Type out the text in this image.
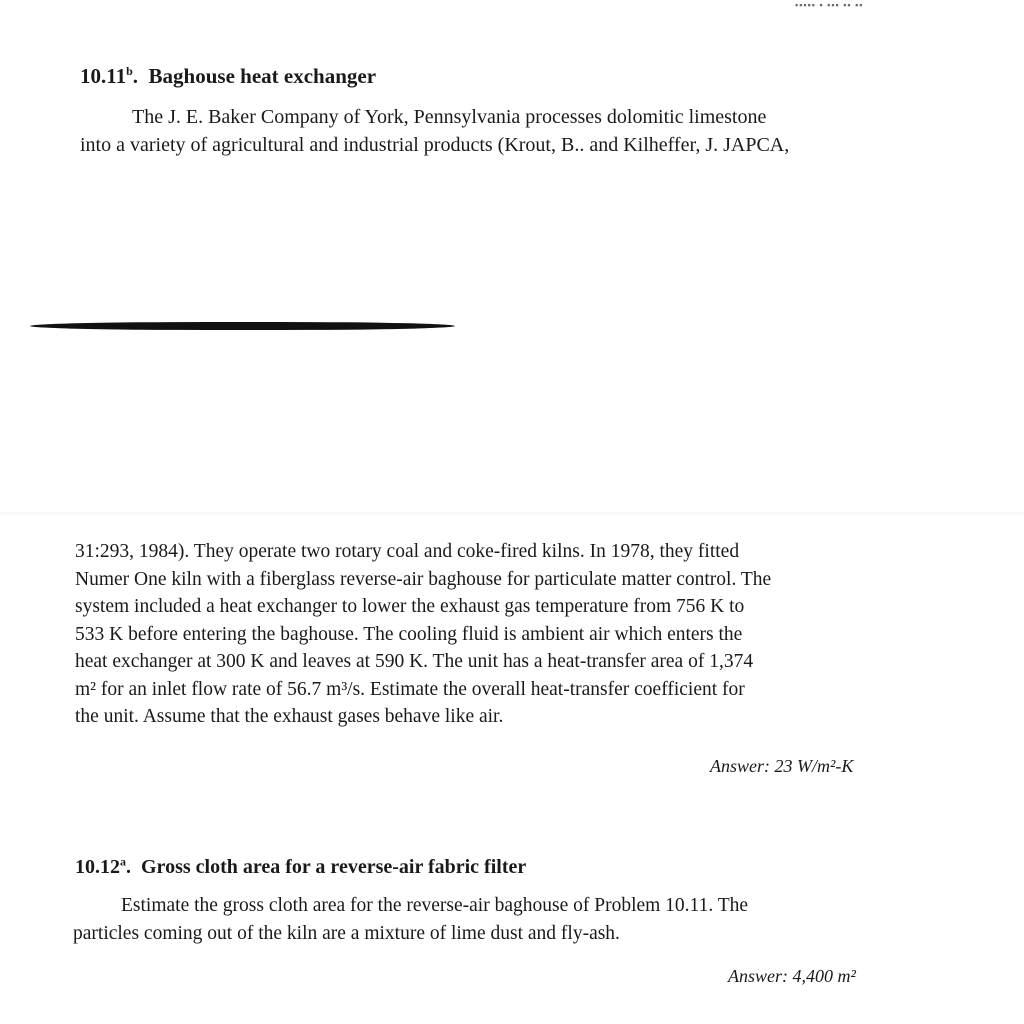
▪▪▪▪▪ ▪ ▪▪▪ ▪▪ ▪▪
10.11$^b$.  Baghouse heat exchanger

The J. E. Baker Company of York, Pennsylvania processes dolomitic limestone

into a variety of agricultural and industrial products (Krout, B.. and Kilheffer, J. JAPCA,

31:293, 1984). They operate two rotary coal and coke-fired kilns. In 1978, they fitted

Numer One kiln with a fiberglass reverse-air baghouse for particulate matter control. The

system included a heat exchanger to lower the exhaust gas temperature from 756 K to

533 K before entering the baghouse. The cooling fluid is ambient air which enters the

heat exchanger at 300 K and leaves at 590 K. The unit has a heat-transfer area of 1,374

m² for an inlet flow rate of 56.7 m³/s. Estimate the overall heat-transfer coefficient for

the unit. Assume that the exhaust gases behave like air.

Answer: 23 W/m²-K
10.12$^a$.  Gross cloth area for a reverse-air fabric filter

Estimate the gross cloth area for the reverse-air baghouse of Problem 10.11. The

particles coming out of the kiln are a mixture of lime dust and fly-ash.

Answer: 4,400 m²
